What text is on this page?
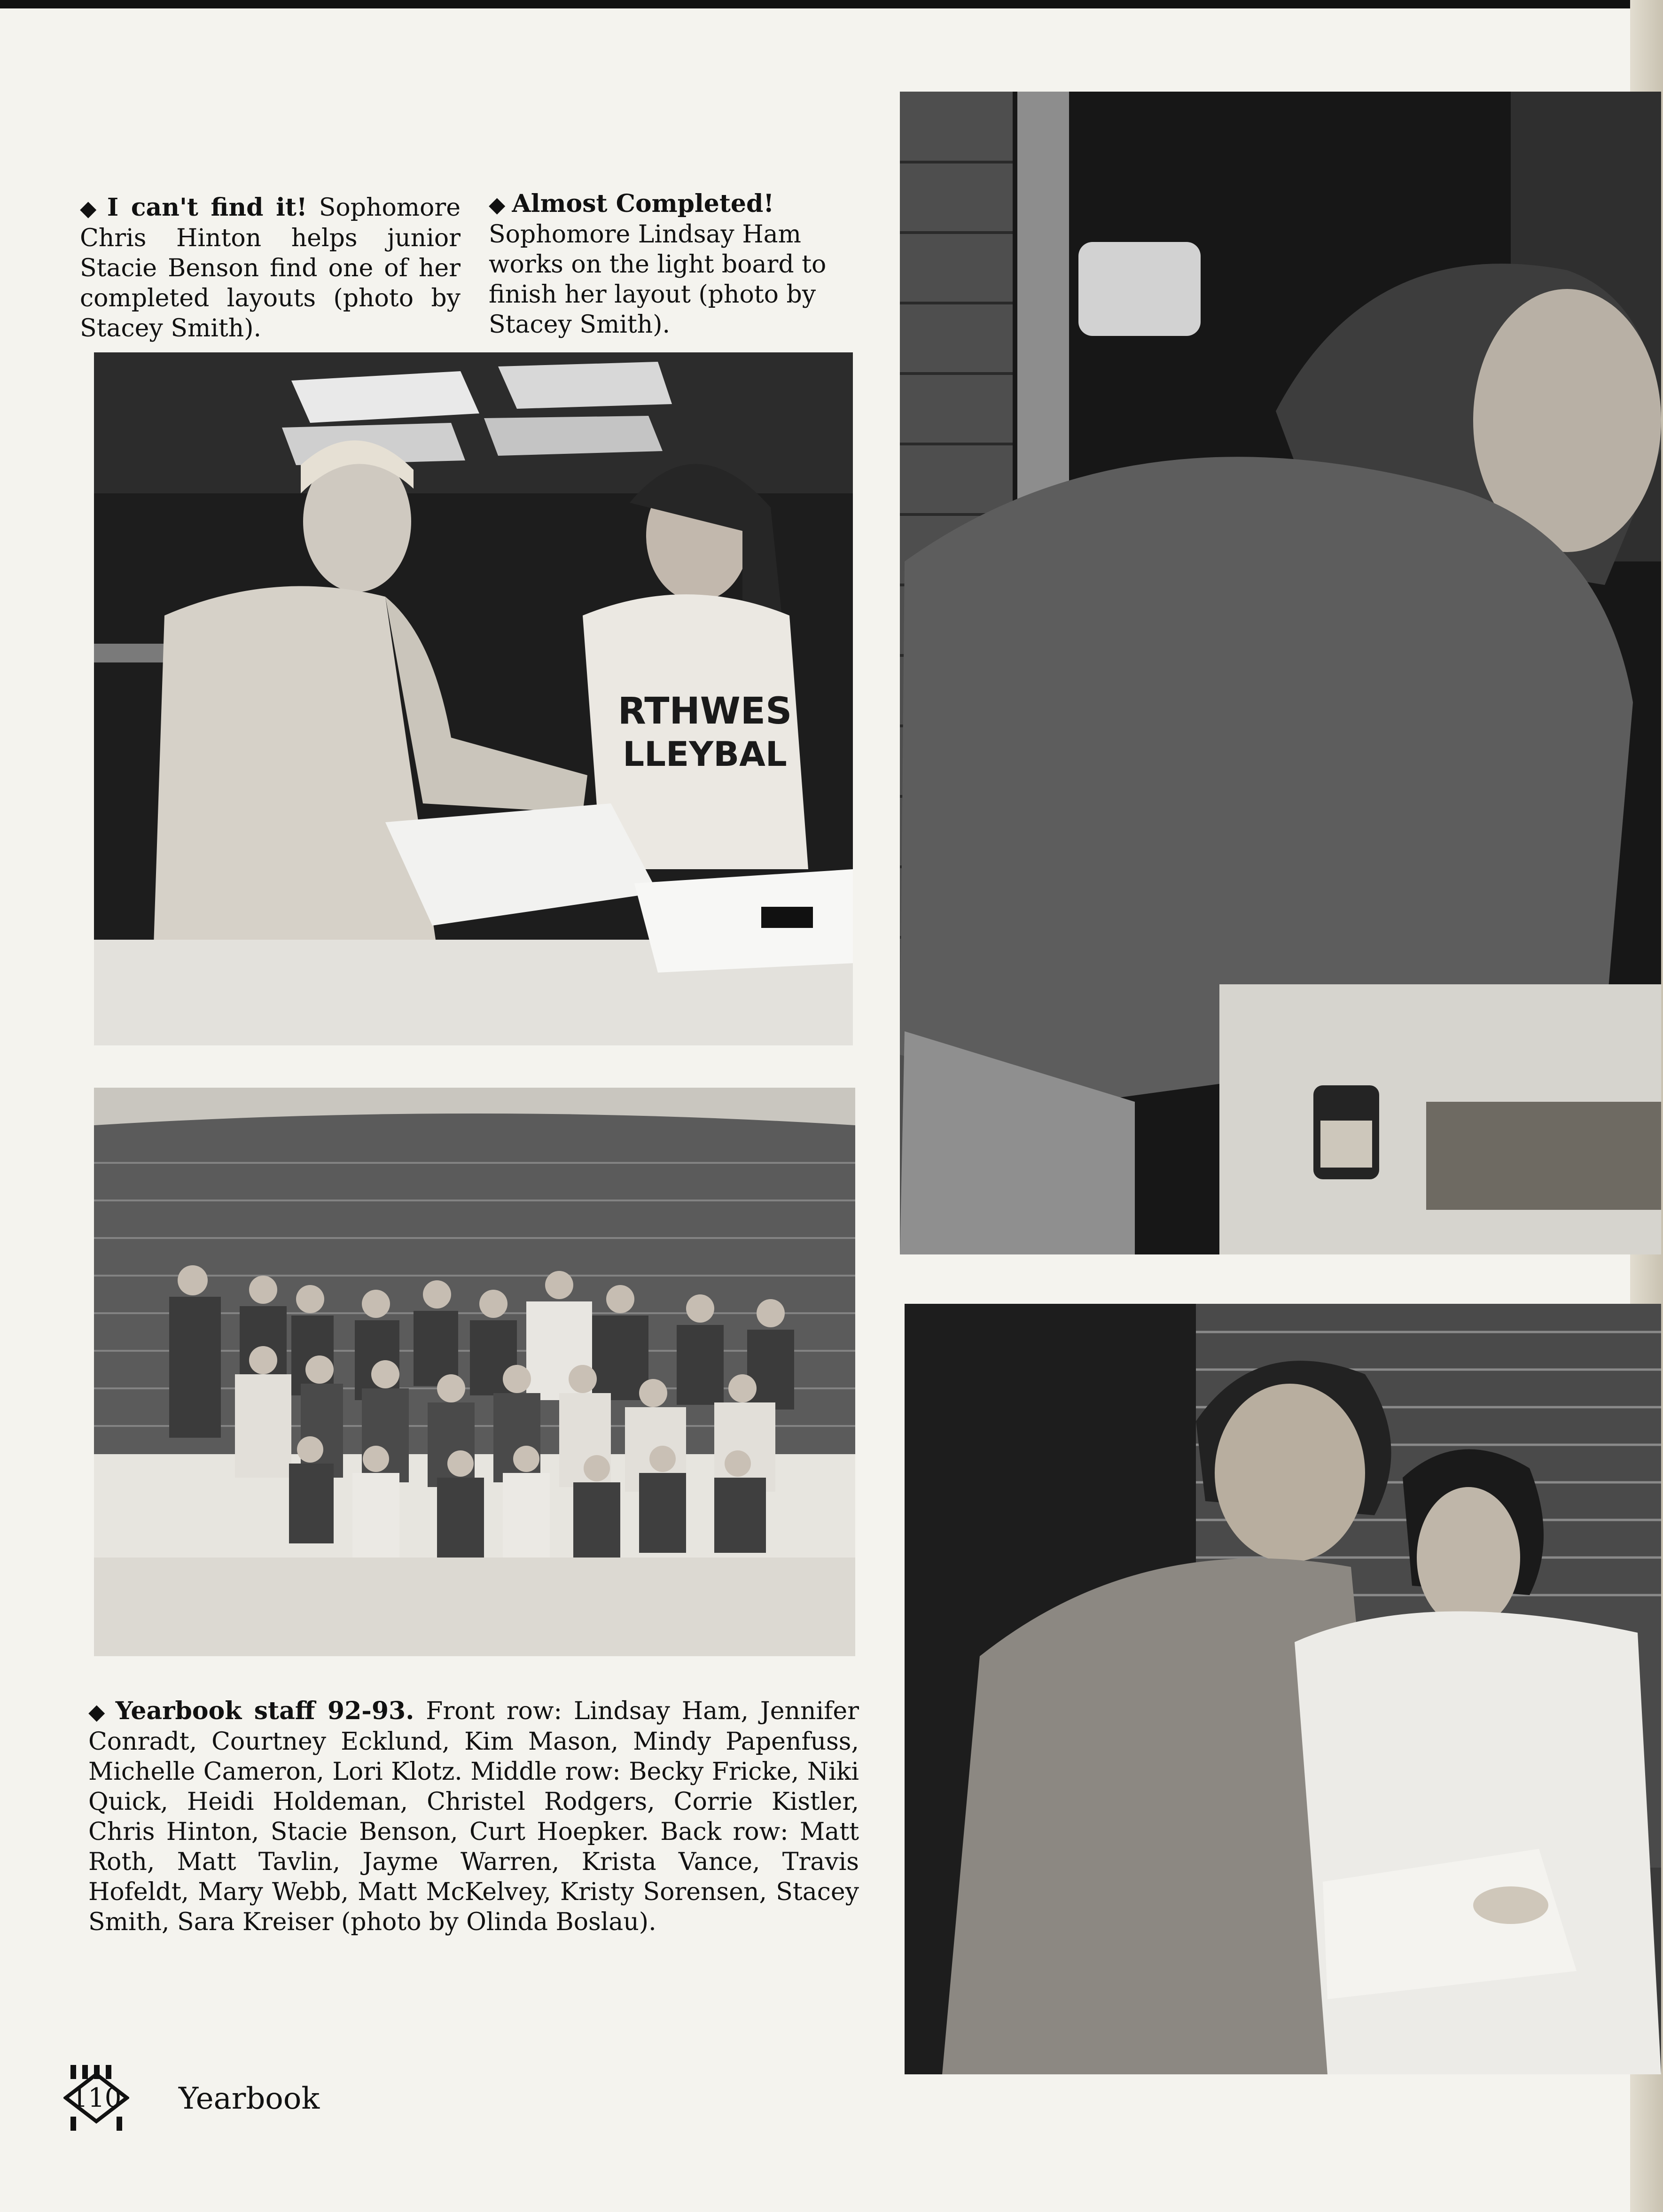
◆ I can't find it! Sophomore Chris Hinton helps junior Stacie Benson find one of her completed layouts (photo by Stacey Smith).
◆ Almost Completed! Sophomore Lindsay Ham works on the light board to finish her layout (photo by Stacey Smith).
RTHWES
LLEYBAL
◆ Yearbook staff 92-93. Front row: Lindsay Ham, Jennifer Conradt, Courtney Ecklund, Kim Mason, Mindy Papenfuss, Michelle Cameron, Lori Klotz. Middle row: Becky Fricke, Niki Quick, Heidi Holdeman, Christel Rodgers, Corrie Kistler, Chris Hinton, Stacie Benson, Curt Hoepker. Back row: Matt Roth, Matt Tavlin, Jayme Warren, Krista Vance, Travis Hofeldt, Mary Webb, Matt McKelvey, Kristy Sorensen, Stacey Smith, Sara Kreiser (photo by Olinda Boslau).
110 Yearbook
